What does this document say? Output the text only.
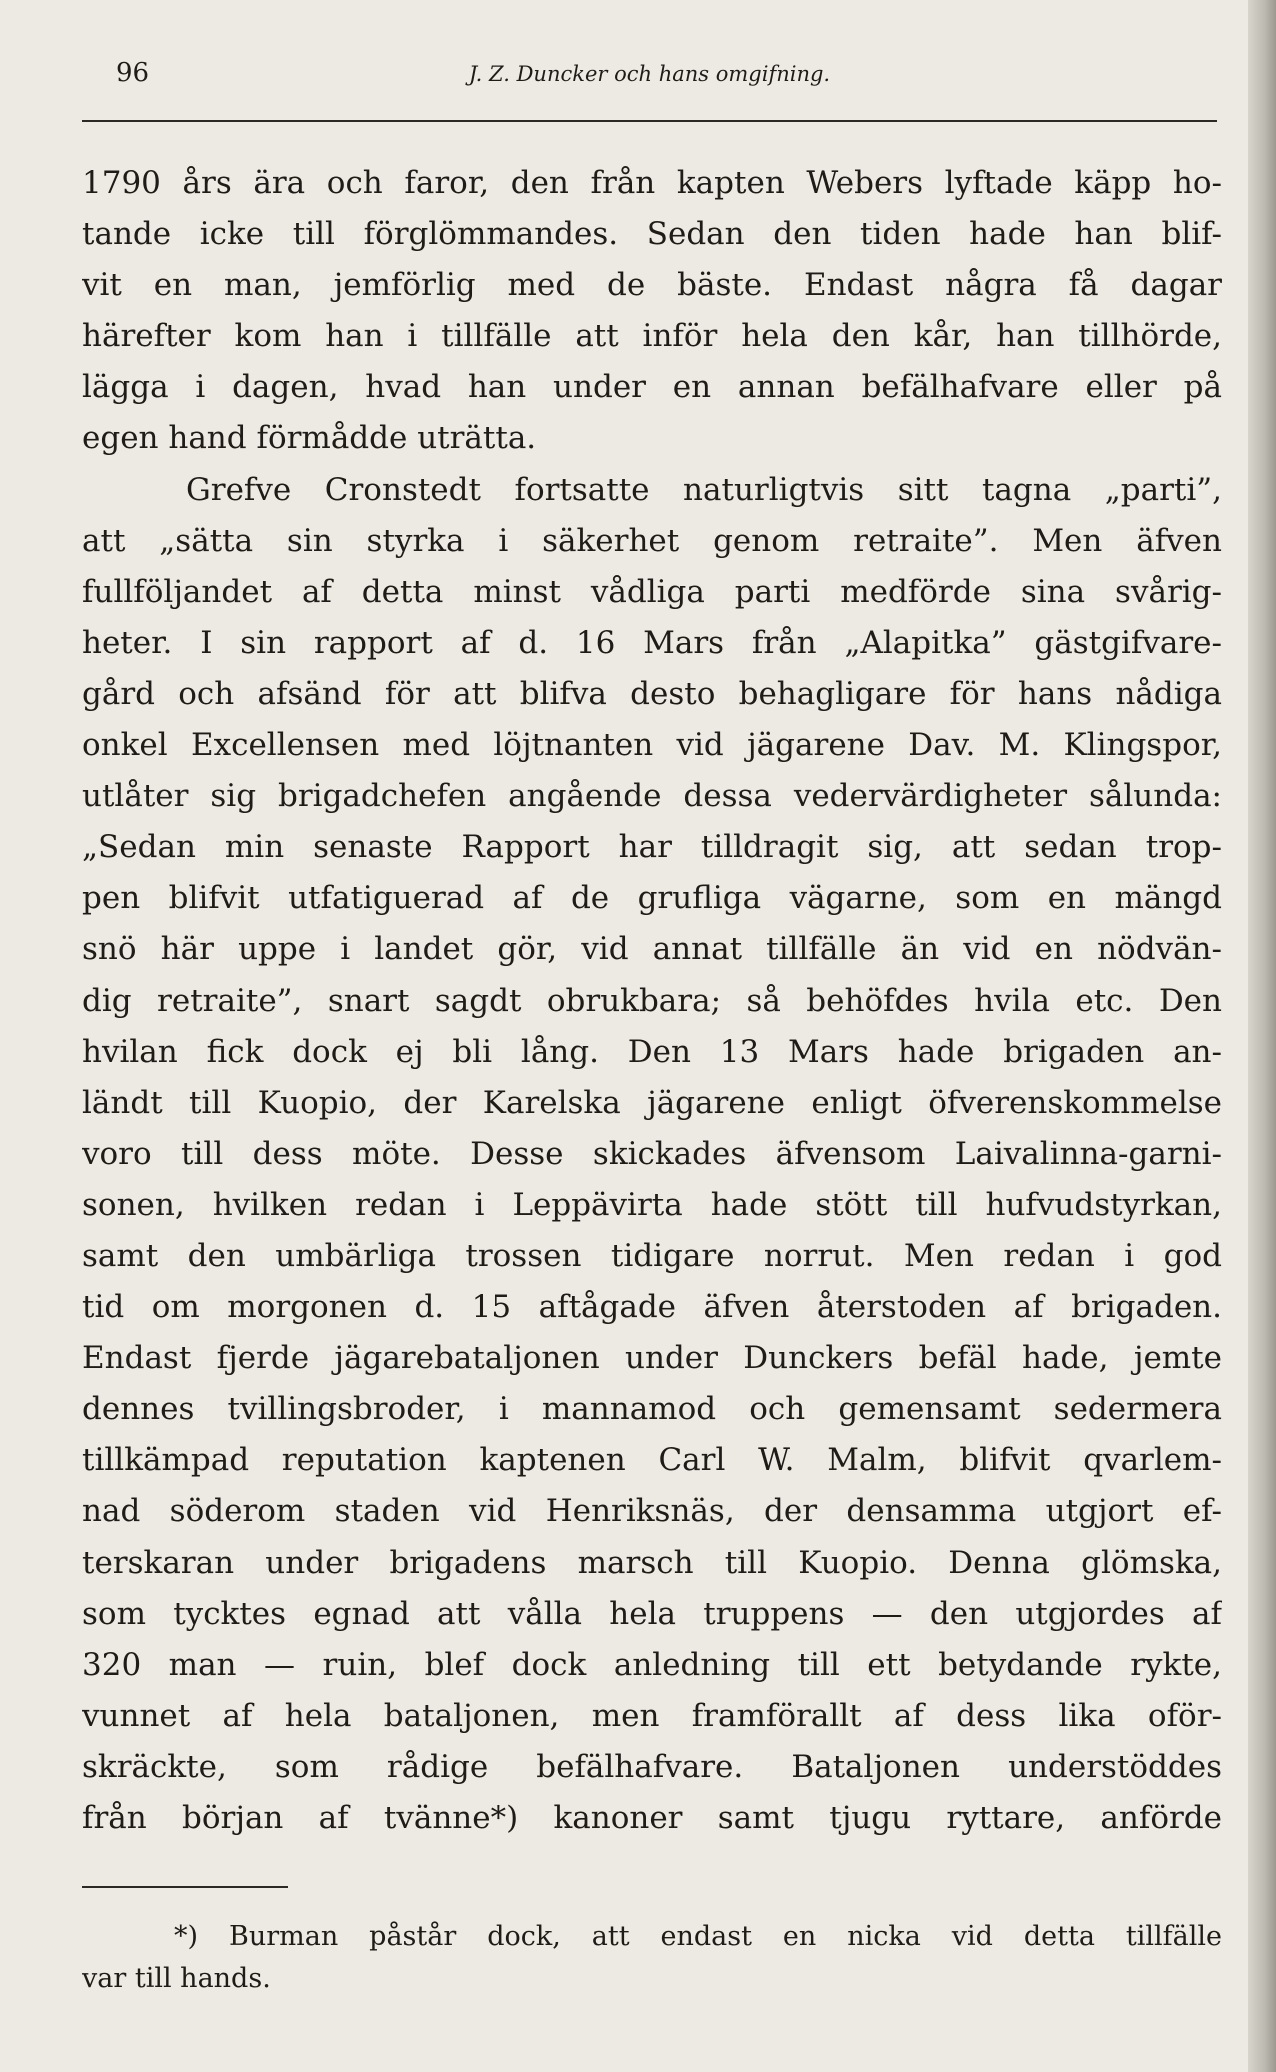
96	J. Z. Duncker och hans omgifning.
1790 års ära och faror, den från kapten Webers lyftade käpp ho-
tande icke till förglömmandes. Sedan den tiden hade han blif-
vit en man, jemförlig med de bäste. Endast några få dagar
härefter kom han i tillfälle att inför hela den kår, han tillhörde,
lägga i dagen, hvad han under en annan befälhafvare eller på
egen hand förmådde uträtta.
Grefve Cronstedt fortsatte naturligtvis sitt tagna „parti”,
att „sätta sin styrka i säkerhet genom retraite”. Men äfven
fullföljandet af detta minst vådliga parti medförde sina svårig-
heter. I sin rapport af d. 16 Mars från „Alapitka” gästgifvare-
gård och afsänd för att blifva desto behagligare för hans nådiga
onkel Excellensen med löjtnanten vid jägarene Dav. M. Klingspor,
utlåter sig brigadchefen angående dessa vedervärdigheter sålunda:
„Sedan min senaste Rapport har tilldragit sig, att sedan trop-
pen blifvit utfatiguerad af de grufliga vägarne, som en mängd
snö här uppe i landet gör, vid annat tillfälle än vid en nödvän-
dig retraite”, snart sagdt obrukbara; så behöfdes hvila etc. Den
hvilan fick dock ej bli lång. Den 13 Mars hade brigaden an-
ländt till Kuopio, der Karelska jägarene enligt öfverenskommelse
voro till dess möte. Desse skickades äfvensom Laivalinna-garni-
sonen, hvilken redan i Leppävirta hade stött till hufvudstyrkan,
samt den umbärliga trossen tidigare norrut. Men redan i god
tid om morgonen d. 15 aftågade äfven återstoden af brigaden.
Endast fjerde jägarebataljonen under Dunckers befäl hade, jemte
dennes tvillingsbroder, i mannamod och gemensamt sedermera
tillkämpad reputation kaptenen Carl W. Malm, blifvit qvarlem-
nad söderom staden vid Henriksnäs, der densamma utgjort ef-
terskaran under brigadens marsch till Kuopio. Denna glömska,
som tycktes egnad att vålla hela truppens — den utgjordes af
320 man — ruin, blef dock anledning till ett betydande rykte,
vunnet af hela bataljonen, men framförallt af dess lika oför-
skräckte, som rådige befälhafvare. Bataljonen understöddes
från början af tvänne*) kanoner samt tjugu ryttare, anförde
*) Burman påstår dock, att endast en nicka vid detta tillfälle
var till hands.
